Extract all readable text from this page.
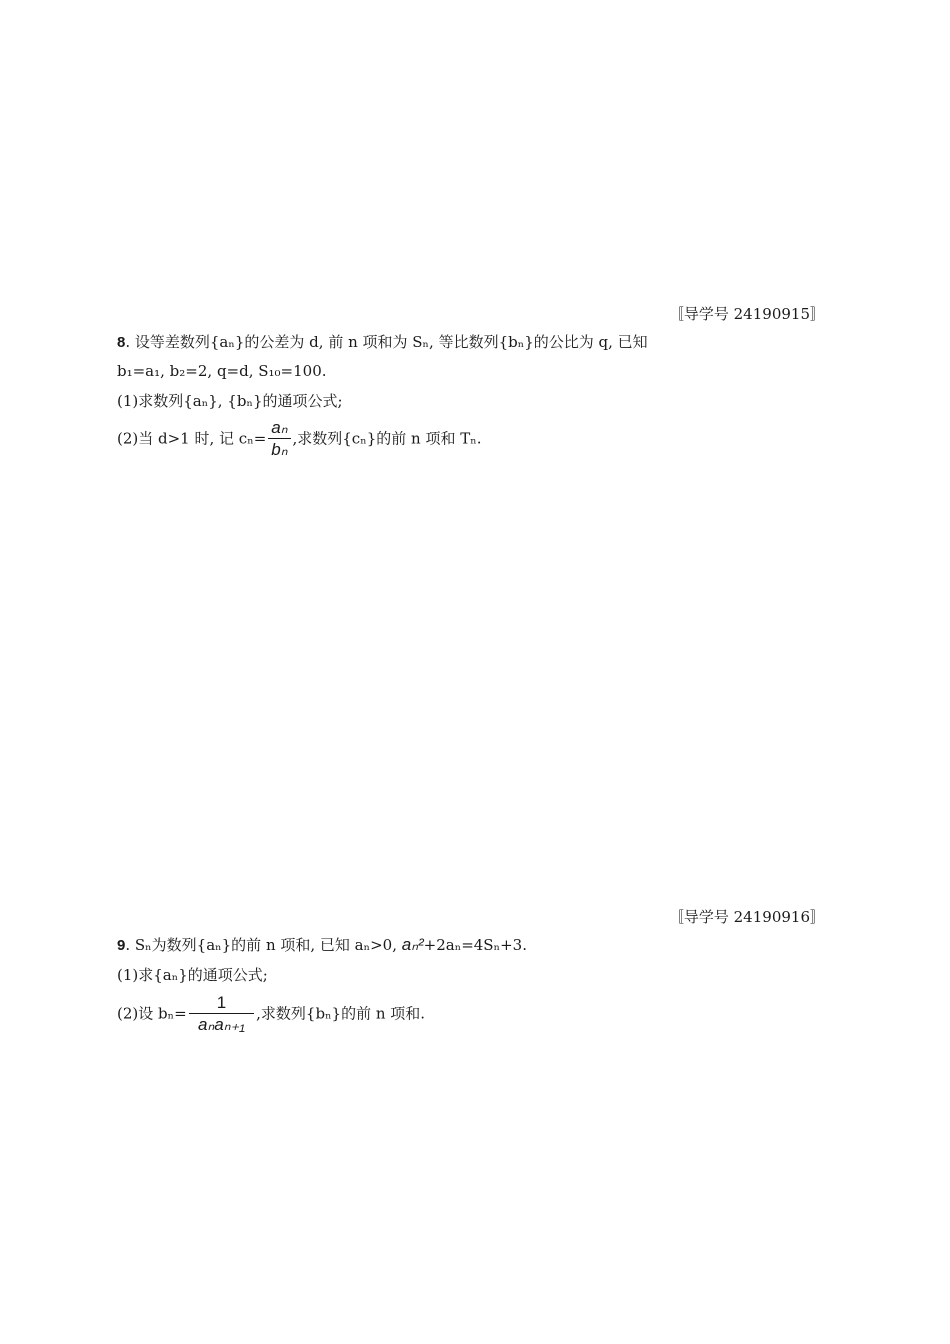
〚导学号 24190915〛
8. 设等差数列{aₙ}的公差为 d, 前 n 项和为 Sₙ, 等比数列{bₙ}的公比为 q, 已知
b₁=a₁, b₂=2, q=d, S₁₀=100.
(1)求数列{aₙ}, {bₙ}的通项公式;
(2)当 d>1 时, 记 $c_n= \frac{\text{aₙ}}{\text{bₙ}}$ ,求数列{cₙ}的前 n 项和 Tₙ.
〚导学号 24190916〛
9. Sₙ为数列{aₙ}的前 n 项和, 已知 aₙ>0, aₙ²+2aₙ=4Sₙ+3.
(1)求{aₙ}的通项公式;
(2)设 $b_n= \frac{1}{\text{aₙaₙ₊₁}}$ ,求数列{bₙ}的前 n 项和.
